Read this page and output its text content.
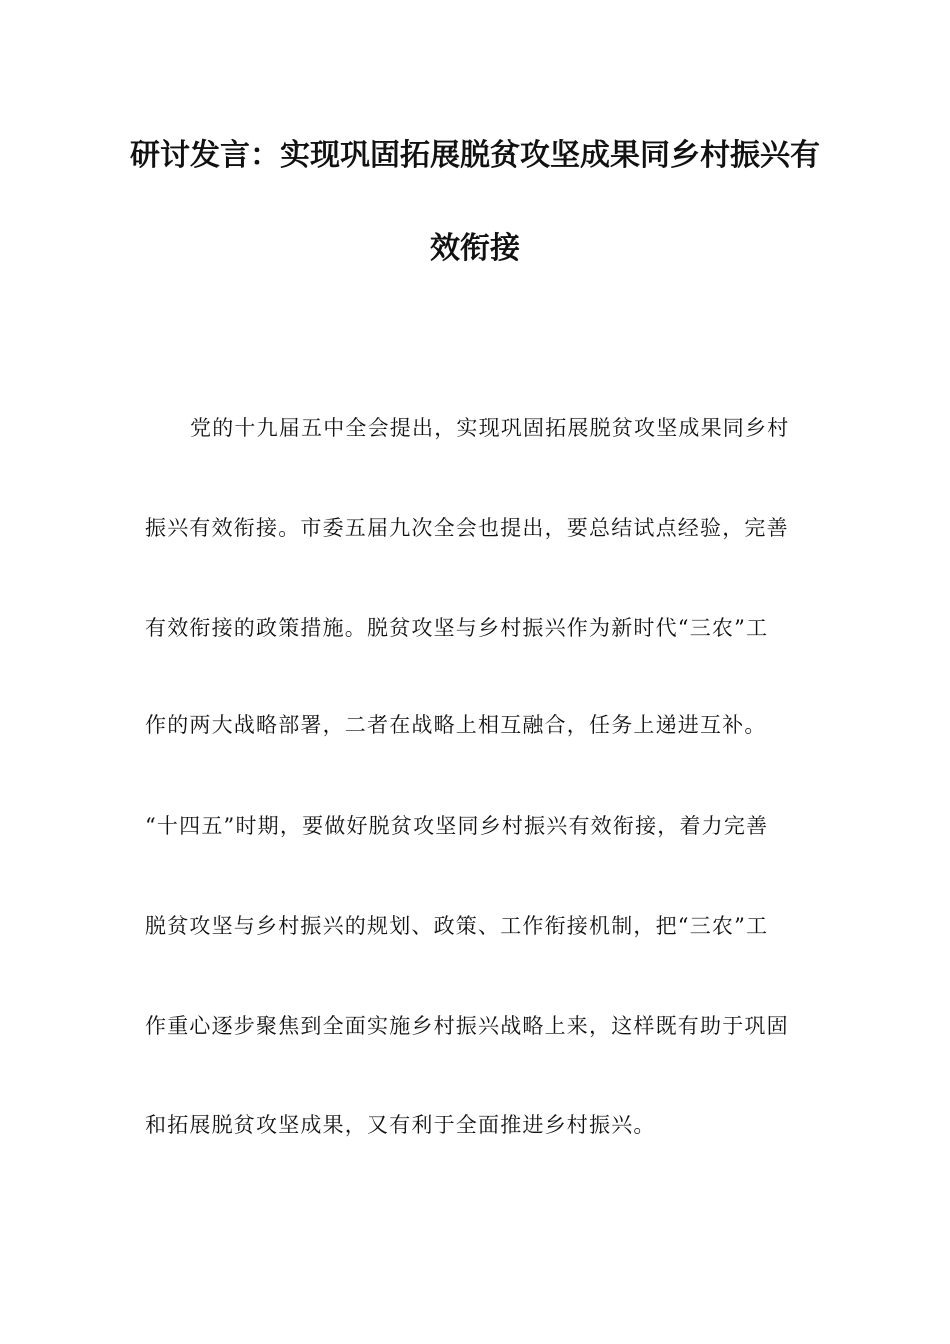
研讨发言：实现巩固拓展脱贫攻坚成果同乡村振兴有
效衔接
党的十九届五中全会提出，实现巩固拓展脱贫攻坚成果同乡村
振兴有效衔接。市委五届九次全会也提出，要总结试点经验，完善
有效衔接的政策措施。脱贫攻坚与乡村振兴作为新时代“三农”工
作的两大战略部署，二者在战略上相互融合，任务上递进互补。
“十四五”时期，要做好脱贫攻坚同乡村振兴有效衔接，着力完善
脱贫攻坚与乡村振兴的规划、政策、工作衔接机制，把“三农”工
作重心逐步聚焦到全面实施乡村振兴战略上来，这样既有助于巩固
和拓展脱贫攻坚成果，又有利于全面推进乡村振兴。
